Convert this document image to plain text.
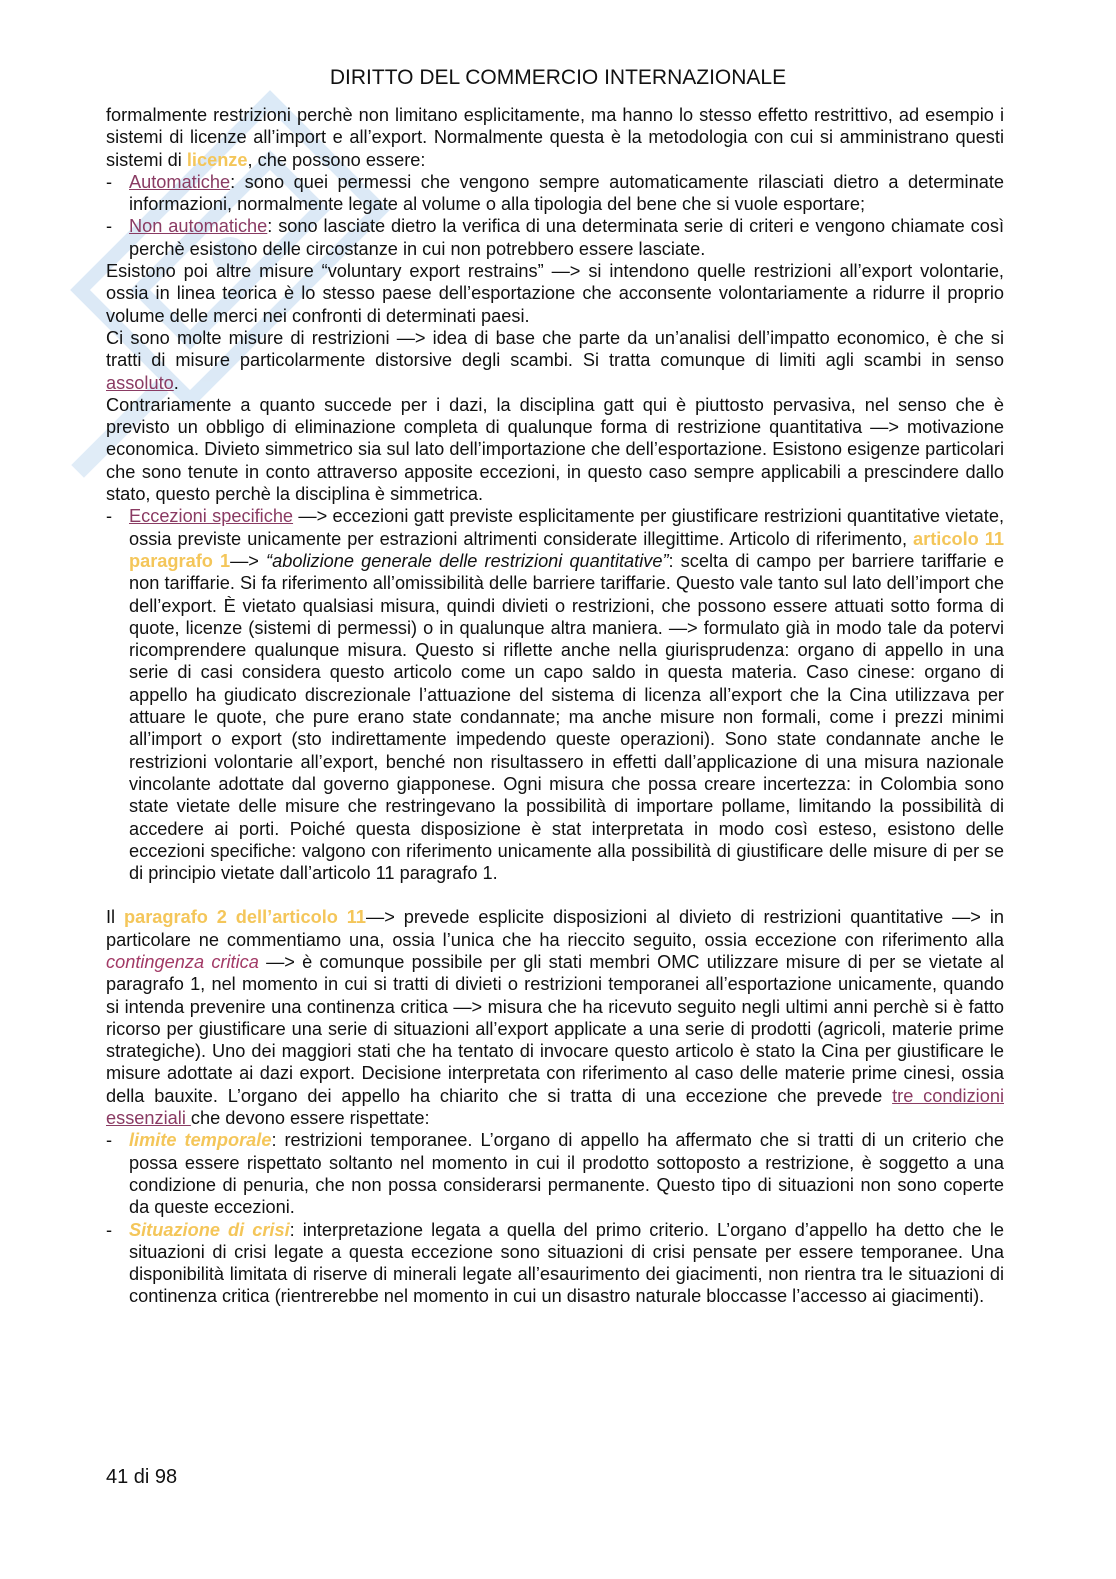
DIRITTO DEL COMMERCIO INTERNAZIONALE

formalmente restrizioni perchè non limitano esplicitamente, ma hanno lo stesso effetto restrittivo, ad esempio i sistemi di licenze all’import e all’export. Normalmente questa è la metodologia con cui si amministrano questi sistemi di licenze, che possono essere:

- Automatiche: sono quei permessi che vengono sempre automaticamente rilasciati dietro a determinate informazioni, normalmente legate al volume o alla tipologia del bene che si vuole esportare;

- Non automatiche: sono lasciate dietro la verifica di una determinata serie di criteri e vengono chiamate così perchè esistono delle circostanze in cui non potrebbero essere lasciate.

Esistono poi altre misure “voluntary export restrains” —> si intendono quelle restrizioni all’export volontarie, ossia in linea teorica è lo stesso paese dell’esportazione che acconsente volontariamente a ridurre il proprio volume delle merci nei confronti di determinati paesi.

Ci sono molte misure di restrizioni —> idea di base che parte da un’analisi dell’impatto economico, è che si tratti di misure particolarmente distorsive degli scambi. Si tratta comunque di limiti agli scambi in senso assoluto.

Contrariamente a quanto succede per i dazi, la disciplina gatt qui è piuttosto pervasiva, nel senso che è previsto un obbligo di eliminazione completa di qualunque forma di restrizione quantitativa —> motivazione economica. Divieto simmetrico sia sul lato dell’importazione che dell’esportazione. Esistono esigenze particolari che sono tenute in conto attraverso apposite eccezioni, in questo caso sempre applicabili a prescindere dallo stato, questo perchè la disciplina è simmetrica.

- Eccezioni specifiche —> eccezioni gatt previste esplicitamente per giustificare restrizioni quantitative vietate, ossia previste unicamente per estrazioni altrimenti considerate illegittime. Articolo di riferimento, articolo 11 paragrafo 1—> “abolizione generale delle restrizioni quantitative”: scelta di campo per barriere tariffarie e non tariffarie. Si fa riferimento all’omissibilità delle barriere tariffarie. Questo vale tanto sul lato dell’import che dell’export. È vietato qualsiasi misura, quindi divieti o restrizioni, che possono essere attuati sotto forma di quote, licenze (sistemi di permessi) o in qualunque altra maniera. —> formulato già in modo tale da potervi ricomprendere qualunque misura. Questo si riflette anche nella giurisprudenza: organo di appello in una serie di casi considera questo articolo come un capo saldo in questa materia. Caso cinese: organo di appello ha giudicato discrezionale l’attuazione del sistema di licenza all’export che la Cina utilizzava per attuare le quote, che pure erano state condannate; ma anche misure non formali, come i prezzi minimi all’import o export (sto indirettamente impedendo queste operazioni). Sono state condannate anche le restrizioni volontarie all’export, benché non risultassero in effetti dall’applicazione di una misura nazionale vincolante adottate dal governo giapponese. Ogni misura che possa creare incertezza: in Colombia sono state vietate delle misure che restringevano la possibilità di importare pollame, limitando la possibilità di accedere ai porti. Poiché questa disposizione è stat interpretata in modo così esteso, esistono delle eccezioni specifiche: valgono con riferimento unicamente alla possibilità di giustificare delle misure di per se di principio vietate dall’articolo 11 paragrafo 1.

Il paragrafo 2 dell’articolo 11—> prevede esplicite disposizioni al divieto di restrizioni quantitative —> in particolare ne commentiamo una, ossia l’unica che ha rieccito seguito, ossia eccezione con riferimento alla contingenza critica —> è comunque possibile per gli stati membri OMC utilizzare misure di per se vietate al paragrafo 1, nel momento in cui si tratti di divieti o restrizioni temporanei all’esportazione unicamente, quando si intenda prevenire una continenza critica —> misura che ha ricevuto seguito negli ultimi anni perchè si è fatto ricorso per giustificare una serie di situazioni all’export applicate a una serie di prodotti (agricoli, materie prime strategiche). Uno dei maggiori stati che ha tentato di invocare questo articolo è stato la Cina per giustificare le misure adottate ai dazi export. Decisione interpretata con riferimento al caso delle materie prime cinesi, ossia della bauxite. L’organo dei appello ha chiarito che si tratta di una eccezione che prevede tre condizioni essenziali che devono essere rispettate:

- limite temporale: restrizioni temporanee. L’organo di appello ha affermato che si tratti di un criterio che possa essere rispettato soltanto nel momento in cui il prodotto sottoposto a restrizione, è soggetto a una condizione di penuria, che non possa considerarsi permanente. Questo tipo di situazioni non sono coperte da queste eccezioni.

- Situazione di crisi: interpretazione legata a quella del primo criterio. L’organo d’appello ha detto che le situazioni di crisi legate a questa eccezione sono situazioni di crisi pensate per essere temporanee. Una disponibilità limitata di riserve di minerali legate all’esaurimento dei giacimenti, non rientra tra le situazioni di continenza critica (rientrerebbe nel momento in cui un disastro naturale bloccasse l’accesso ai giacimenti).

41 di 98
